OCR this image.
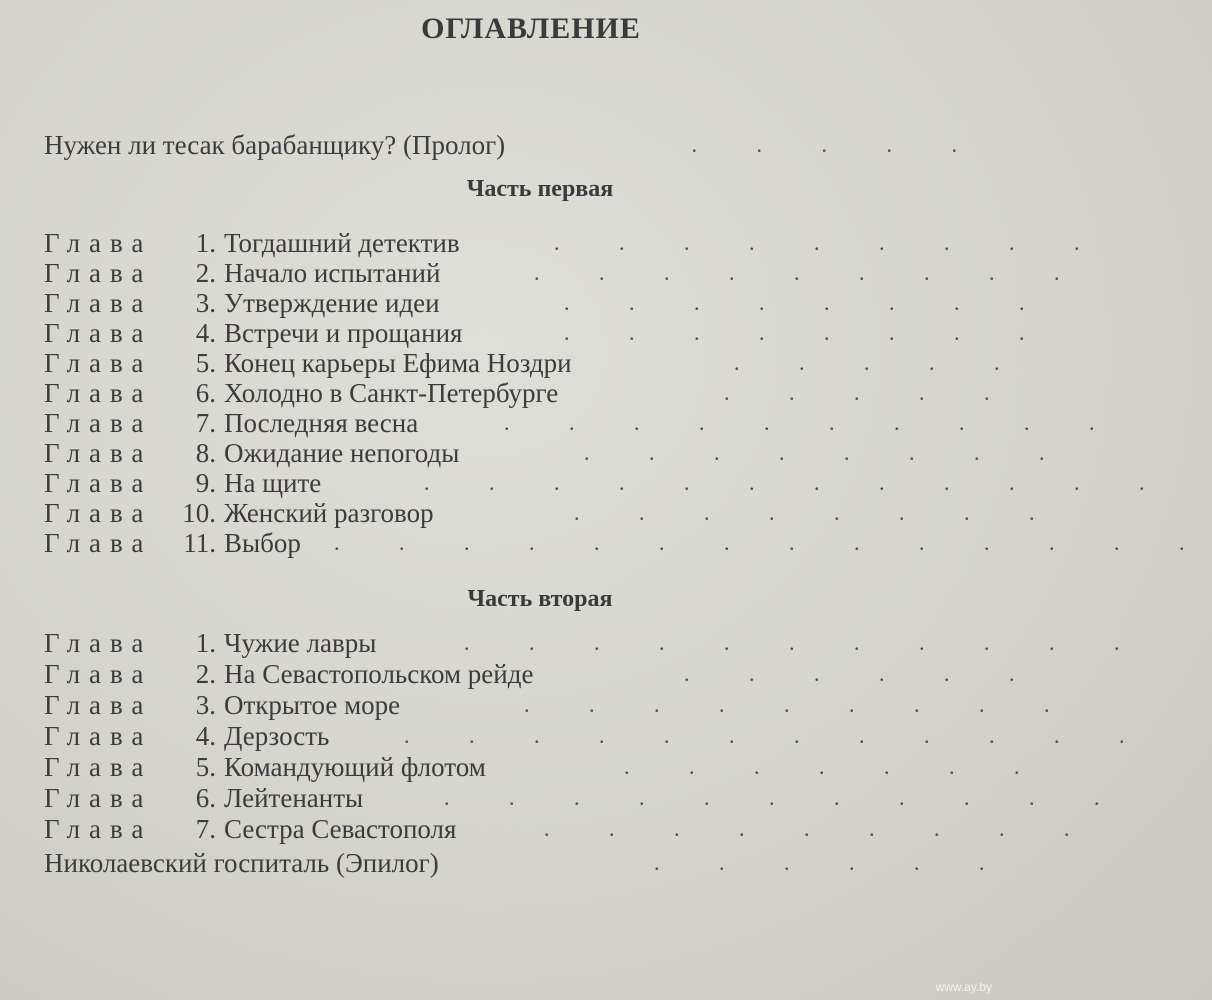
ОГЛАВЛЕНИЕ
Нужен ли тесак барабанщику? (Пролог)	. . . . .
Часть первая
Глава 1. Тогдашний детектив	. . . . . . . . .
Глава 2. Начало испытаний	. . . . . . . . .
Глава 3. Утверждение идеи	. . . . . . . .
Глава 4. Встречи и прощания	. . . . . . . .
Глава 5. Конец карьеры Ефима Ноздри	. . . . .
Глава 6. Холодно в Санкт-Петербурге	. . . . .
Глава 7. Последняя весна	. . . . . . . . . .
Глава 8. Ожидание непогоды	. . . . . . . .
Глава 9. На щите	. . . . . . . . . . . .
Глава 10. Женский разговор	. . . . . . . .
Глава 11. Выбор . . . . . . . . . . . . . .
Часть вторая
Глава 1. Чужие лавры	. . . . . . . . . . .
Глава 2. На Севастопольском рейде	. . . . . .
Глава 3. Открытое море	. . . . . . . . .
Глава 4. Дерзость	. . . . . . . . . . . .
Глава 5. Командующий флотом	. . . . . . .
Глава 6. Лейтенанты	. . . . . . . . . . .
Глава 7. Сестра Севастополя	. . . . . . . . .
Николаевский госпиталь (Эпилог)	. . . . . .
www.ay.by
